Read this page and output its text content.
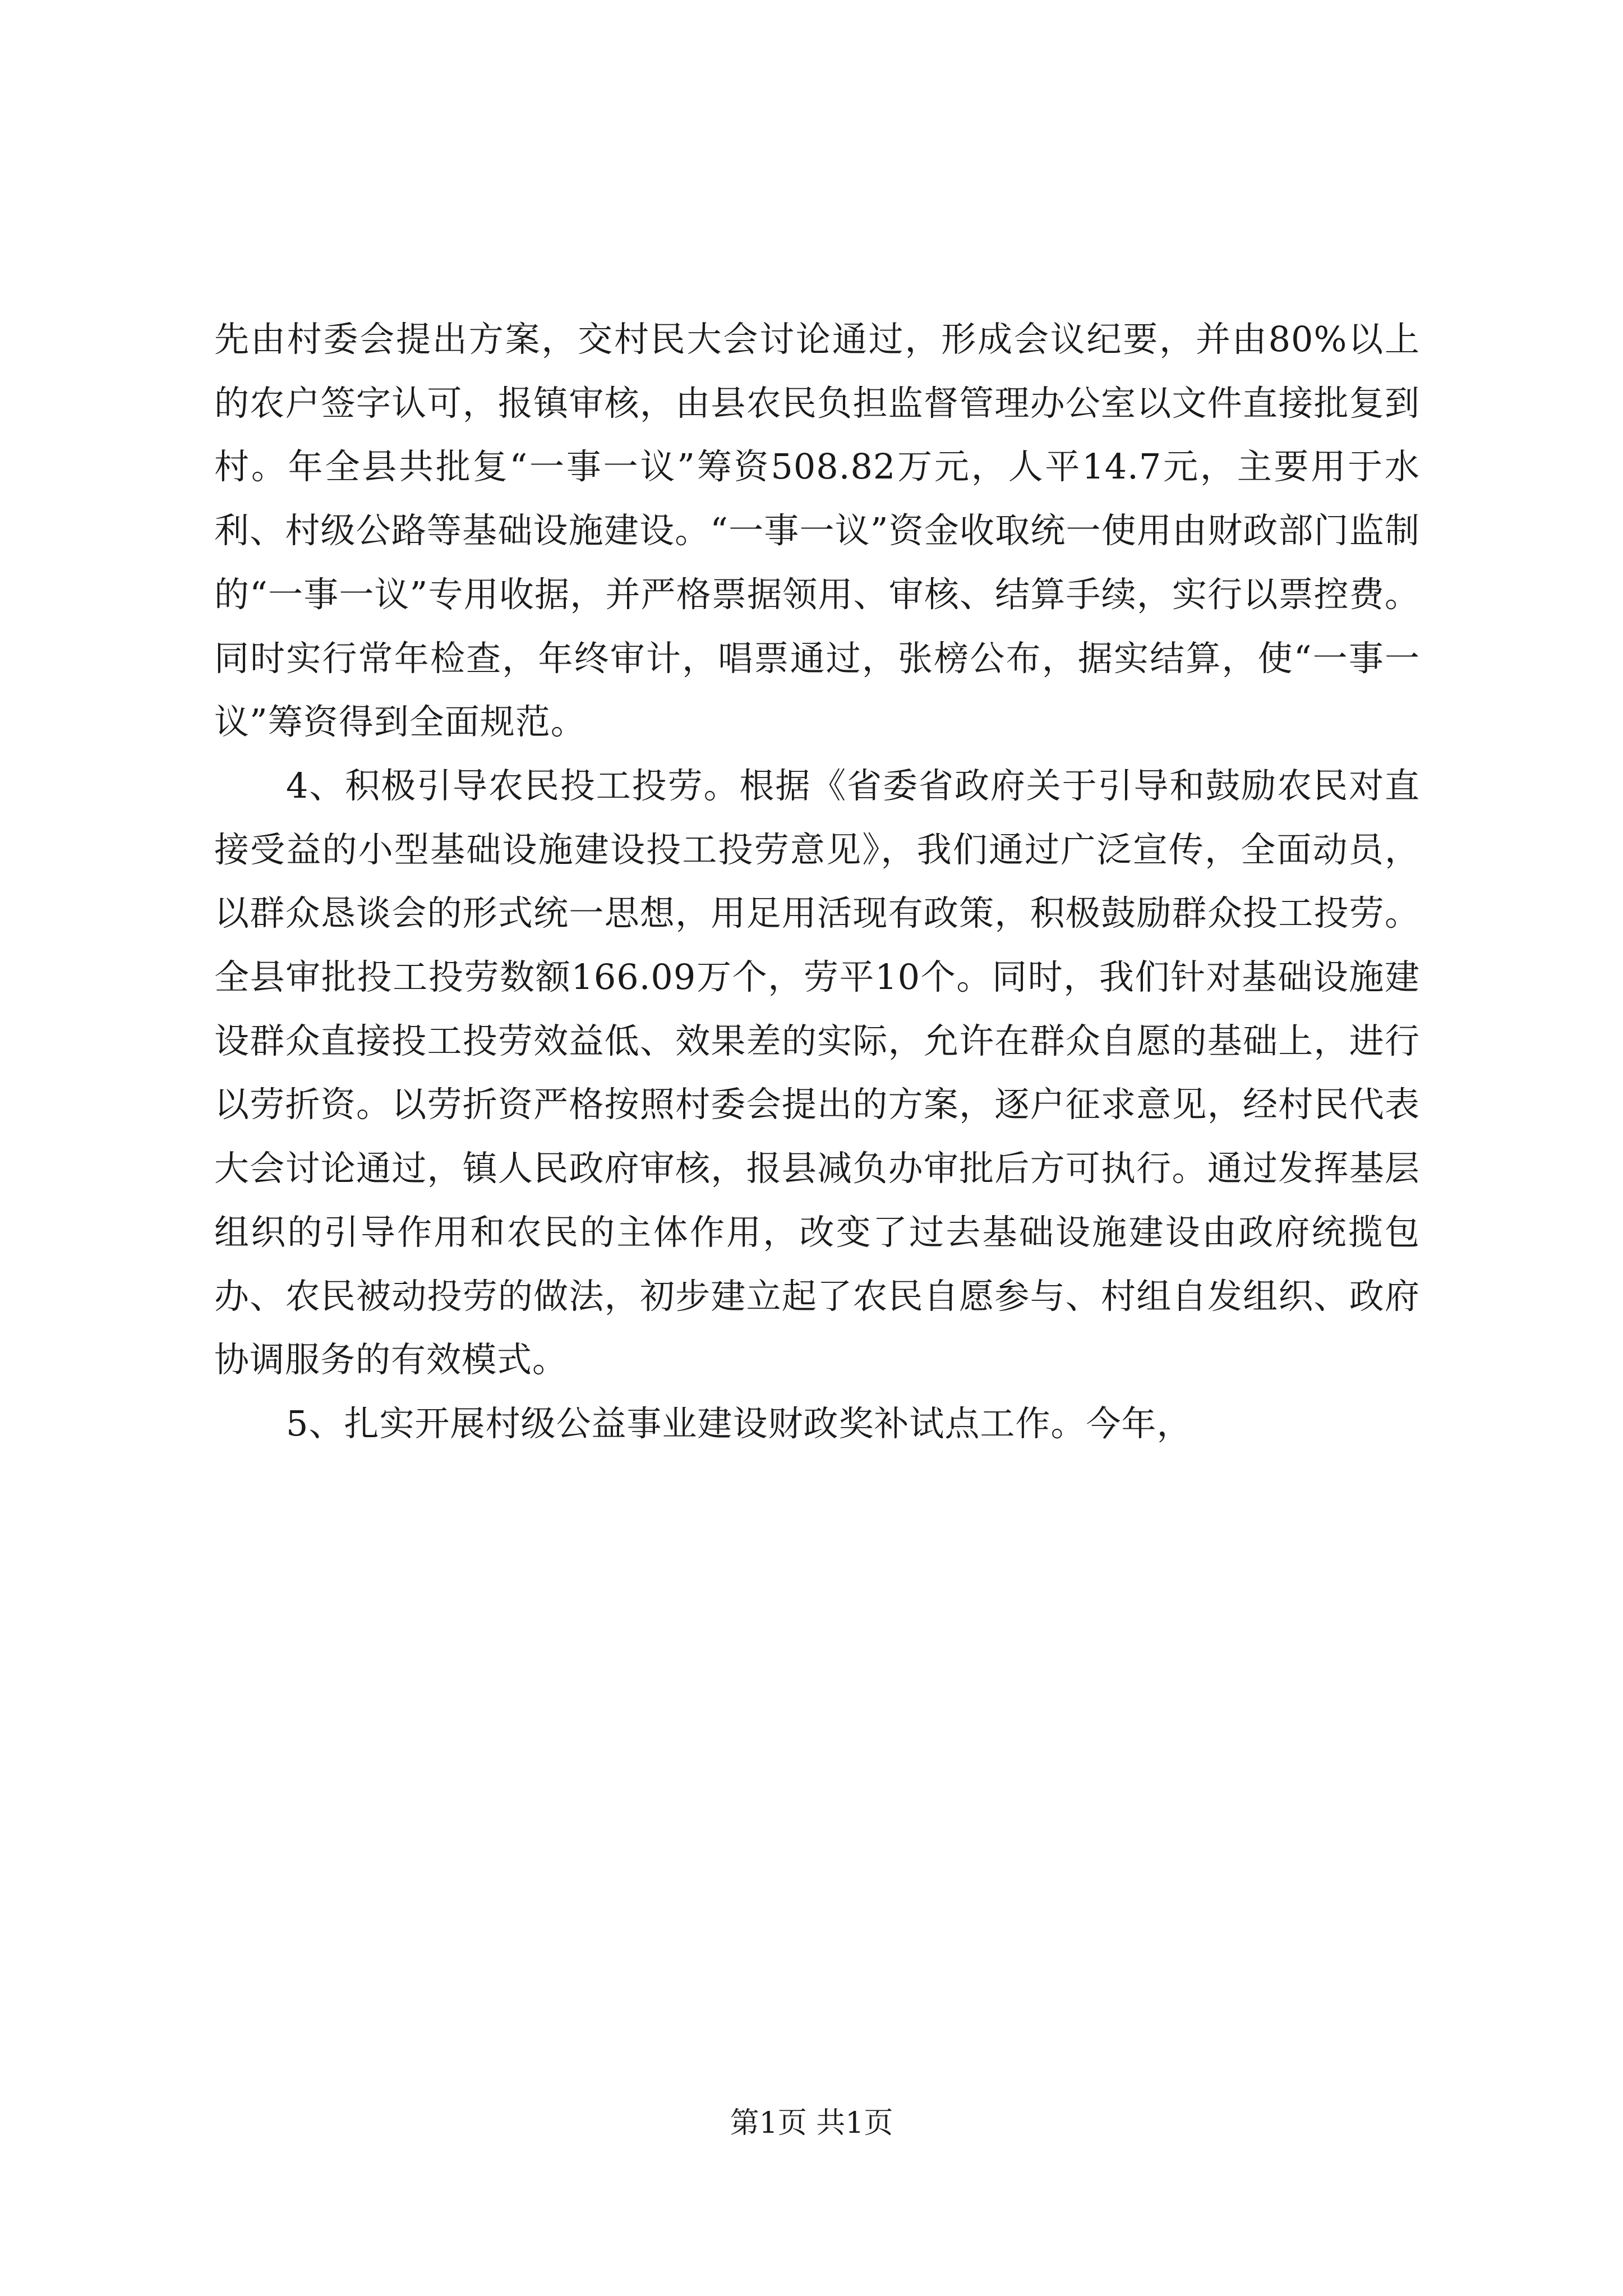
先由村委会提出方案，交村民大会讨论通过，形成会议纪要，并由80%以上的农户签字认可，报镇审核，由县农民负担监督管理办公室以文件直接批复到村。年全县共批复“一事一议”筹资508.82万元，人平14.7元，主要用于水利、村级公路等基础设施建设。“一事一议”资金收取统一使用由财政部门监制的“一事一议”专用收据，并严格票据领用、审核、结算手续，实行以票控费。同时实行常年检查，年终审计，唱票通过，张榜公布，据实结算，使“一事一议”筹资得到全面规范。

4、积极引导农民投工投劳。根据《省委省政府关于引导和鼓励农民对直接受益的小型基础设施建设投工投劳意见》，我们通过广泛宣传，全面动员，以群众恳谈会的形式统一思想，用足用活现有政策，积极鼓励群众投工投劳。全县审批投工投劳数额166.09万个，劳平10个。同时，我们针对基础设施建设群众直接投工投劳效益低、效果差的实际，允许在群众自愿的基础上，进行以劳折资。以劳折资严格按照村委会提出的方案，逐户征求意见，经村民代表大会讨论通过，镇人民政府审核，报县减负办审批后方可执行。通过发挥基层组织的引导作用和农民的主体作用，改变了过去基础设施建设由政府统揽包办、农民被动投劳的做法，初步建立起了农民自愿参与、村组自发组织、政府协调服务的有效模式。

5、扎实开展村级公益事业建设财政奖补试点工作。今年，

第1页 共1页
